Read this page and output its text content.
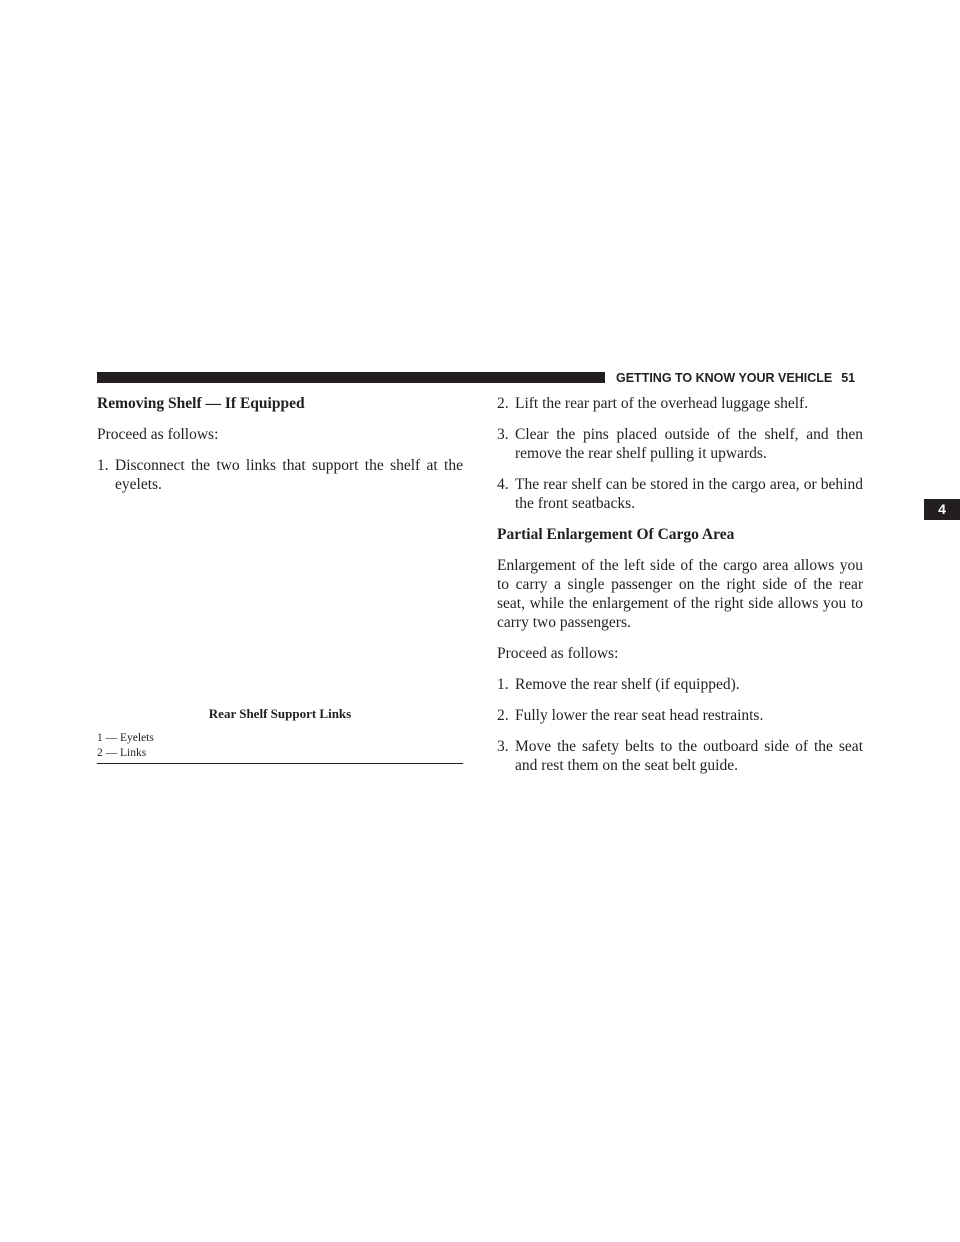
GETTING TO KNOW YOUR VEHICLE 51
4
Removing Shelf — If Equipped
Proceed as follows:
1. Disconnect the two links that support the shelf at the eyelets.
Rear Shelf Support Links
1 — Eyelets
2 — Links
2. Lift the rear part of the overhead luggage shelf.
3. Clear the pins placed outside of the shelf, and then remove the rear shelf pulling it upwards.
4. The rear shelf can be stored in the cargo area, or behind the front seatbacks.
Partial Enlargement Of Cargo Area
Enlargement of the left side of the cargo area allows you to carry a single passenger on the right side of the rear seat, while the enlargement of the right side allows you to carry two passengers.
Proceed as follows:
1. Remove the rear shelf (if equipped).
2. Fully lower the rear seat head restraints.
3. Move the safety belts to the outboard side of the seat and rest them on the seat belt guide.
